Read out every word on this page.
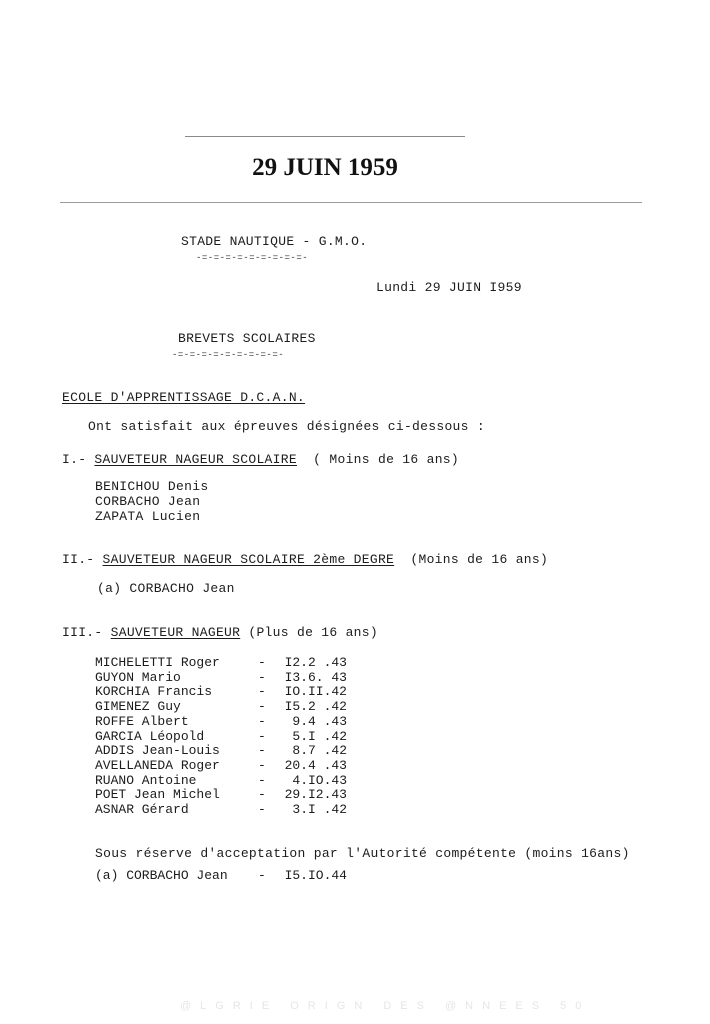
29 JUIN 1959
STADE NAUTIQUE - G.M.O.
-=-=-=-=-=-=-=-=-=-
Lundi 29 JUIN I959
BREVETS SCOLAIRES
-=-=-=-=-=-=-=-=-=-
ECOLE D'APPRENTISSAGE D.C.A.N.
Ont satisfait aux épreuves désignées ci-dessous :
I.- SAUVETEUR NAGEUR SCOLAIRE ( Moins de 16 ans)
BENICHOU Denis
CORBACHO Jean
ZAPATA Lucien
II.- SAUVETEUR NAGEUR SCOLAIRE 2ème DEGRE (Moins de 16 ans)
(a) CORBACHO Jean
III.- SAUVETEUR NAGEUR (Plus de 16 ans)
MICHELETTI Roger	-	I2.2 .43
GUYON Mario	-	I3.6. 43
KORCHIA Francis	-	IO.II.42
GIMENEZ Guy	-	I5.2 .42
ROFFE Albert	-	9.4 .43
GARCIA Léopold	-	5.I .42
ADDIS Jean-Louis	-	8.7 .42
AVELLANEDA Roger	-	20.4 .43
RUANO Antoine	-	4.IO.43
POET Jean Michel	-	29.I2.43
ASNAR Gérard	-	3.I .42
Sous réserve d'acceptation par l'Autorité compétente (moins 16ans)
(a) CORBACHO Jean -	I5.IO.44
@LGRIE ORIGN DES @NNEES 50
